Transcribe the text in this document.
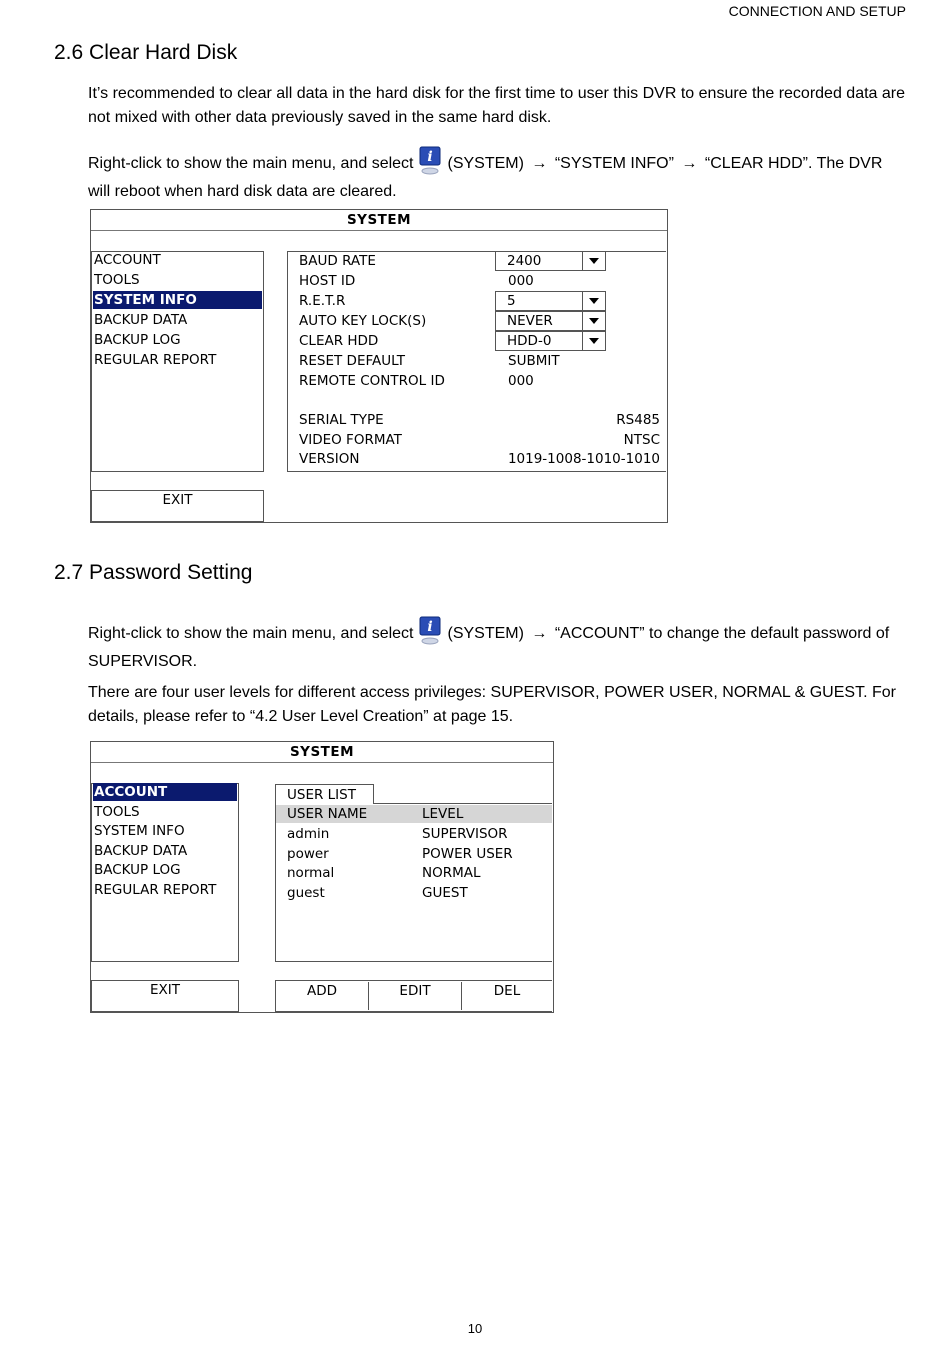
CONNECTION AND SETUP
2.6 Clear Hard Disk

It’s recommended to clear all data in the hard disk for the first time to user this DVR to ensure the recorded data are not mixed with other data previously saved in the same hard disk.

Right-click to show the main menu, and select i (SYSTEM) → “SYSTEM INFO” → “CLEAR HDD”. The DVR will reboot when hard disk data are cleared.

SYSTEM
ACCOUNT
TOOLS
SYSTEM INFO
BACKUP DATA
BACKUP LOG
REGULAR REPORT
EXIT
BAUD RATE	2400
HOST ID	000
R.E.T.R	5
AUTO KEY LOCK(S)	NEVER
CLEAR HDD	HDD-0
RESET DEFAULT	SUBMIT
REMOTE CONTROL ID	000
SERIAL TYPE	RS485
VIDEO FORMAT	NTSC
VERSION	1019-1008-1010-1010
2.7 Password Setting

Right-click to show the main menu, and select i (SYSTEM) → “ACCOUNT” to change the default password of SUPERVISOR.

There are four user levels for different access privileges: SUPERVISOR, POWER USER, NORMAL & GUEST. For details, please refer to “4.2 User Level Creation” at page 15.

SYSTEM
ACCOUNT
TOOLS
SYSTEM INFO
BACKUP DATA
BACKUP LOG
REGULAR REPORT
EXIT
USER NAME	LEVEL
admin	SUPERVISOR
power	POWER USER
normal	NORMAL
guest	GUEST
USER LIST
ADD	EDIT	DEL
10
